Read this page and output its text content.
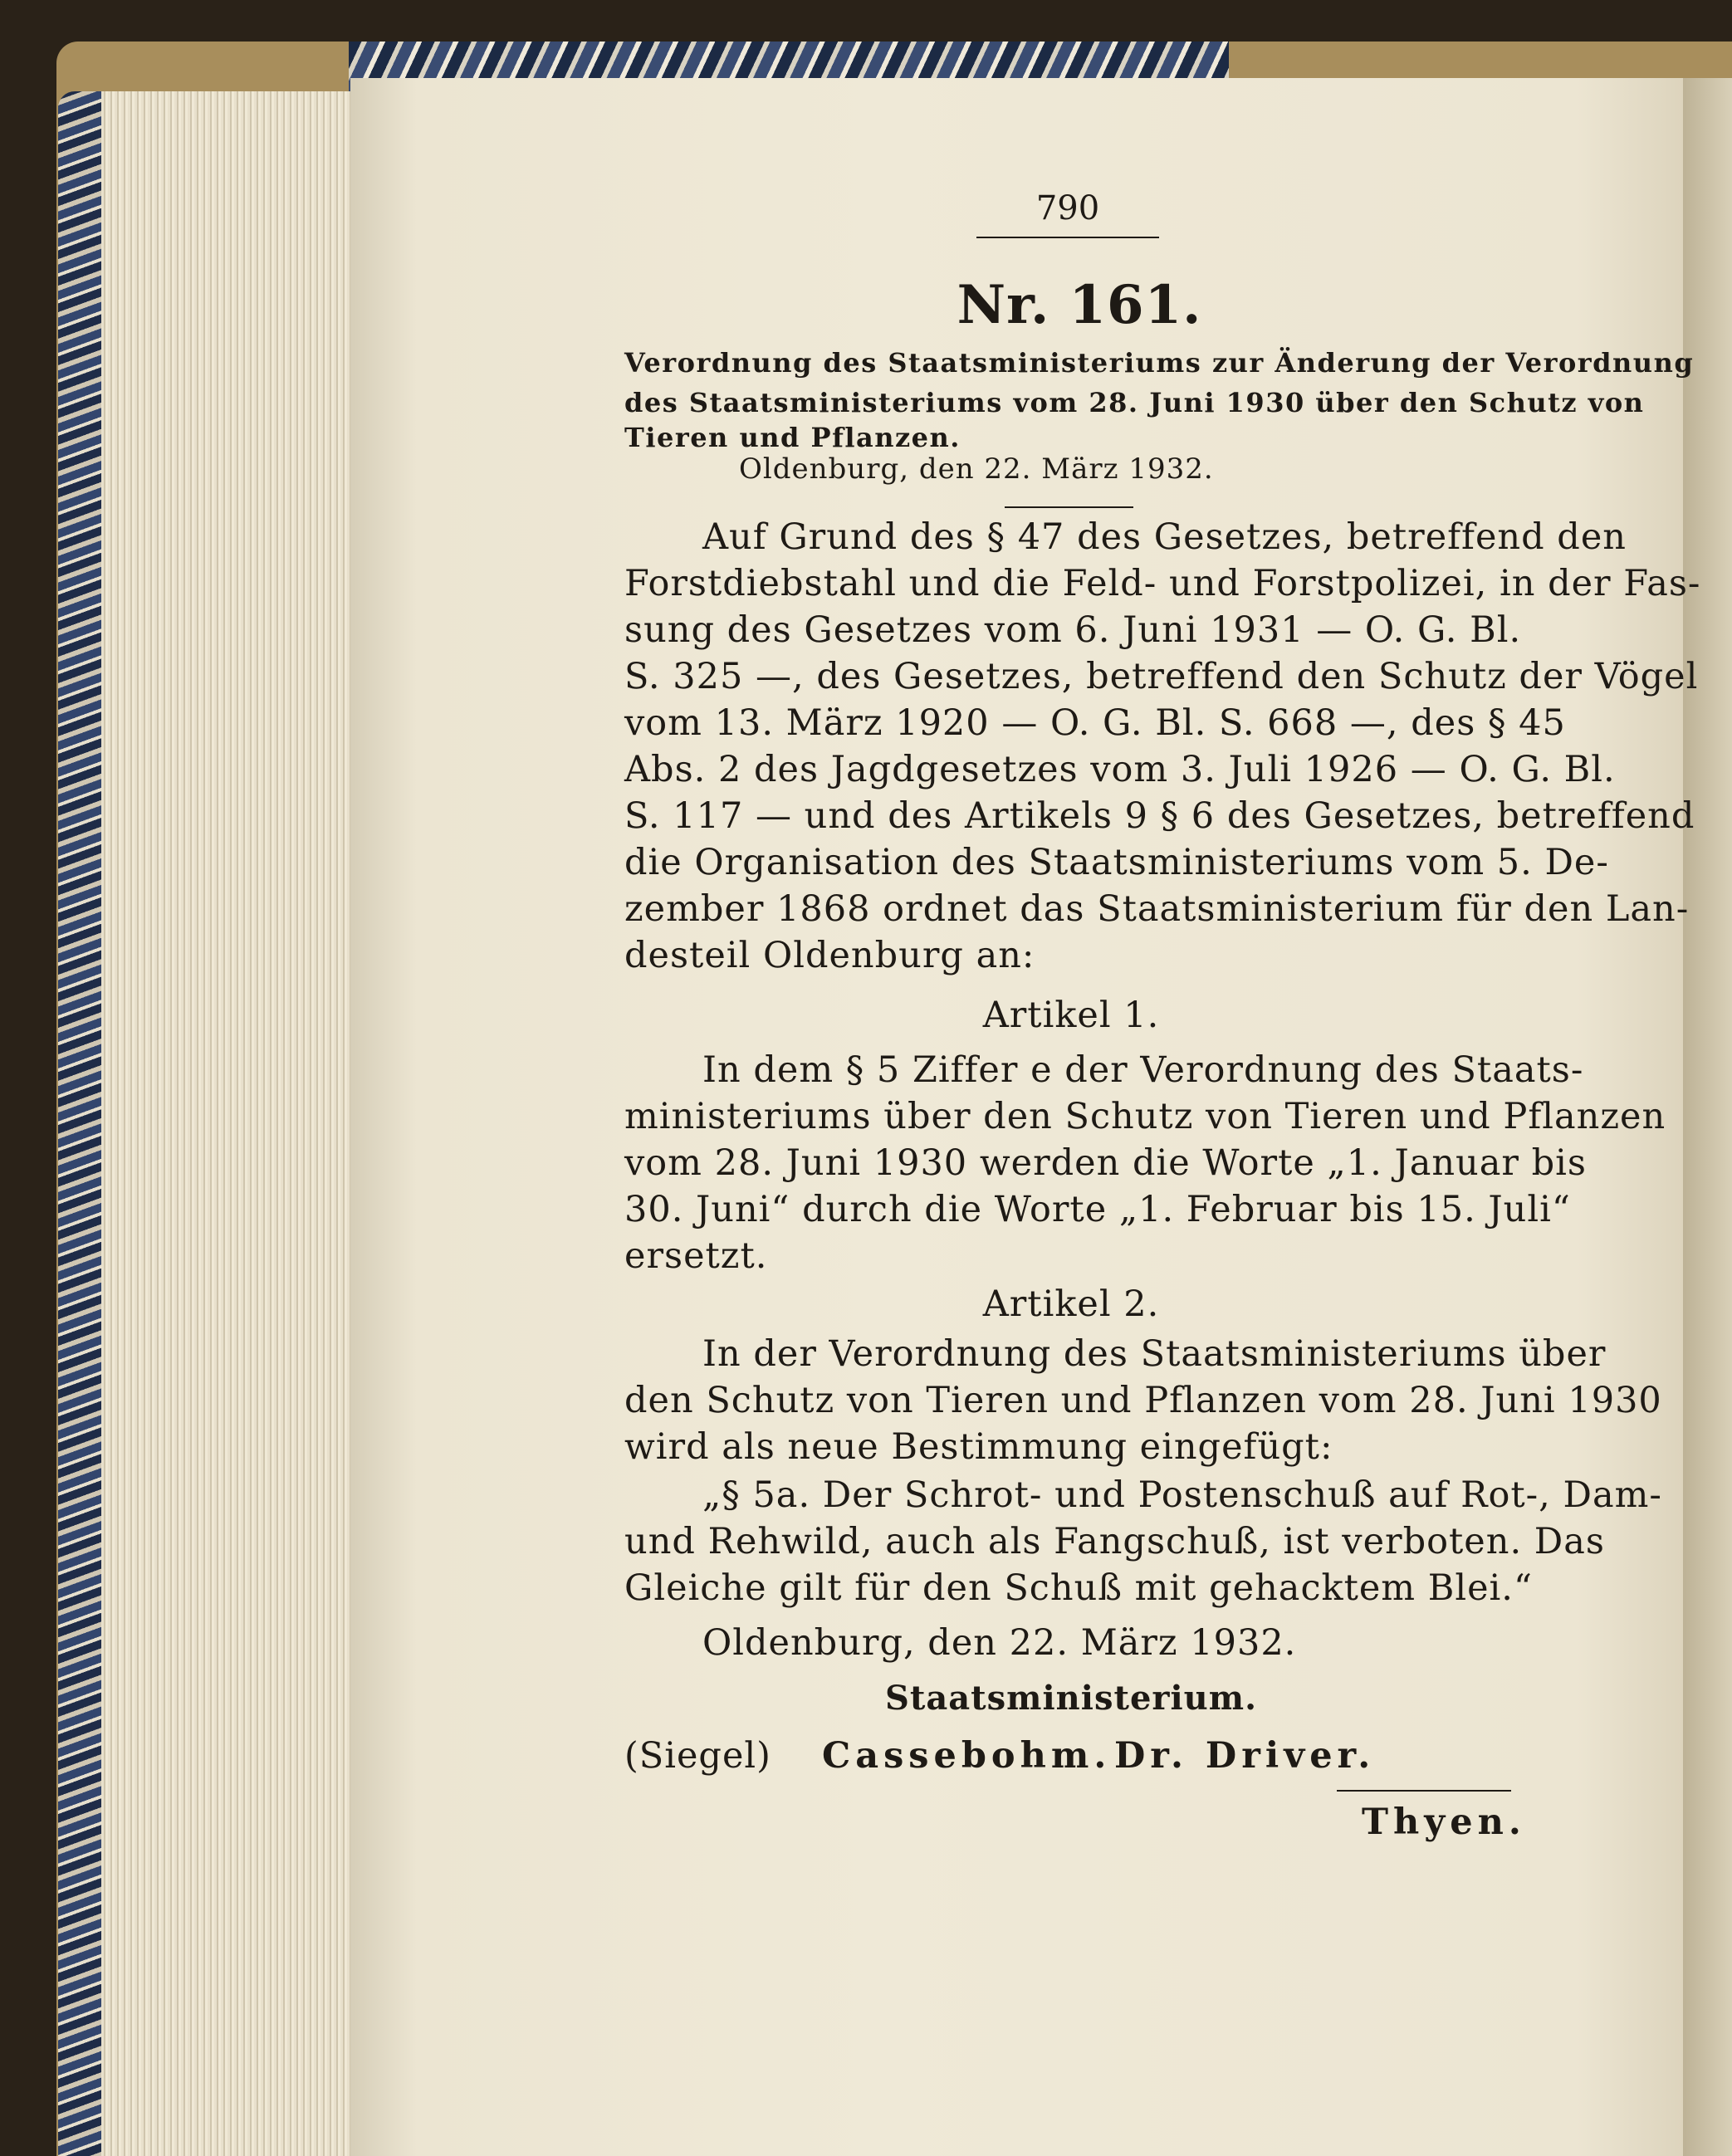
790
Nr. 161.
Verordnung des Staatsministeriums zur Änderung der Verordnung
des Staatsministeriums vom 28. Juni 1930 über den Schutz von
Tieren und Pflanzen.
Oldenburg, den 22. März 1932.
Auf Grund des § 47 des Gesetzes, betreffend den
Forstdiebstahl und die Feld- und Forstpolizei, in der Fas-
sung des Gesetzes vom 6. Juni 1931 — O. G. Bl.
S. 325 —, des Gesetzes, betreffend den Schutz der Vögel
vom 13. März 1920 — O. G. Bl. S. 668 —, des § 45
Abs. 2 des Jagdgesetzes vom 3. Juli 1926 — O. G. Bl.
S. 117 — und des Artikels 9 § 6 des Gesetzes, betreffend
die Organisation des Staatsministeriums vom 5. De-
zember 1868 ordnet das Staatsministerium für den Lan-
desteil Oldenburg an:
Artikel 1.
In dem § 5 Ziffer e der Verordnung des Staats-
ministeriums über den Schutz von Tieren und Pflanzen
vom 28. Juni 1930 werden die Worte „1. Januar bis
30. Juni“ durch die Worte „1. Februar bis 15. Juli“
ersetzt.
Artikel 2.
In der Verordnung des Staatsministeriums über
den Schutz von Tieren und Pflanzen vom 28. Juni 1930
wird als neue Bestimmung eingefügt:
„§ 5a. Der Schrot- und Postenschuß auf Rot-, Dam-
und Rehwild, auch als Fangschuß, ist verboten. Das
Gleiche gilt für den Schuß mit gehacktem Blei.“
Oldenburg, den 22. März 1932.
Staatsministerium.
(Siegel) Cassebohm. Dr. Driver.
Thyen.
